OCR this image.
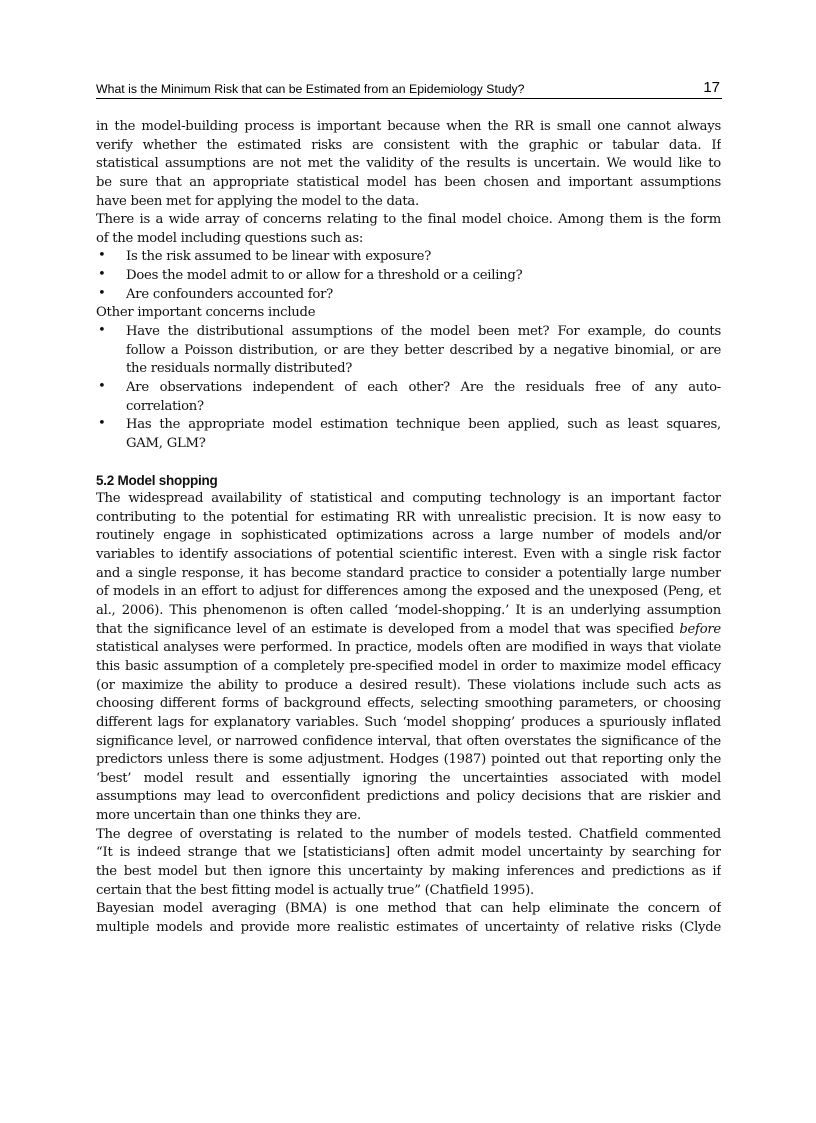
What is the Minimum Risk that can be Estimated from an Epidemiology Study?	17
in the model-building process is important because when the RR is small one cannot always
verify whether the estimated risks are consistent with the graphic or tabular data. If
statistical assumptions are not met the validity of the results is uncertain. We would like to
be sure that an appropriate statistical model has been chosen and important assumptions
have been met for applying the model to the data.
There is a wide array of concerns relating to the final model choice. Among them is the form
of the model including questions such as:
• Is the risk assumed to be linear with exposure?
• Does the model admit to or allow for a threshold or a ceiling?
• Are confounders accounted for?
Other important concerns include
• Have the distributional assumptions of the model been met? For example, do counts
follow a Poisson distribution, or are they better described by a negative binomial, or are
the residuals normally distributed?
• Are observations independent of each other? Are the residuals free of any auto-
correlation?
• Has the appropriate model estimation technique been applied, such as least squares,
GAM, GLM?
5.2 Model shopping
The widespread availability of statistical and computing technology is an important factor
contributing to the potential for estimating RR with unrealistic precision. It is now easy to
routinely engage in sophisticated optimizations across a large number of models and/or
variables to identify associations of potential scientific interest. Even with a single risk factor
and a single response, it has become standard practice to consider a potentially large number
of models in an effort to adjust for differences among the exposed and the unexposed (Peng, et
al., 2006). This phenomenon is often called ‘model-shopping.’ It is an underlying assumption
that the significance level of an estimate is developed from a model that was specified before
statistical analyses were performed. In practice, models often are modified in ways that violate
this basic assumption of a completely pre-specified model in order to maximize model efficacy
(or maximize the ability to produce a desired result). These violations include such acts as
choosing different forms of background effects, selecting smoothing parameters, or choosing
different lags for explanatory variables. Such ‘model shopping’ produces a spuriously inflated
significance level, or narrowed confidence interval, that often overstates the significance of the
predictors unless there is some adjustment. Hodges (1987) pointed out that reporting only the
‘best’ model result and essentially ignoring the uncertainties associated with model
assumptions may lead to overconfident predictions and policy decisions that are riskier and
more uncertain than one thinks they are.
The degree of overstating is related to the number of models tested. Chatfield commented
“It is indeed strange that we [statisticians] often admit model uncertainty by searching for
the best model but then ignore this uncertainty by making inferences and predictions as if
certain that the best fitting model is actually true” (Chatfield 1995).
Bayesian model averaging (BMA) is one method that can help eliminate the concern of
multiple models and provide more realistic estimates of uncertainty of relative risks (Clyde
